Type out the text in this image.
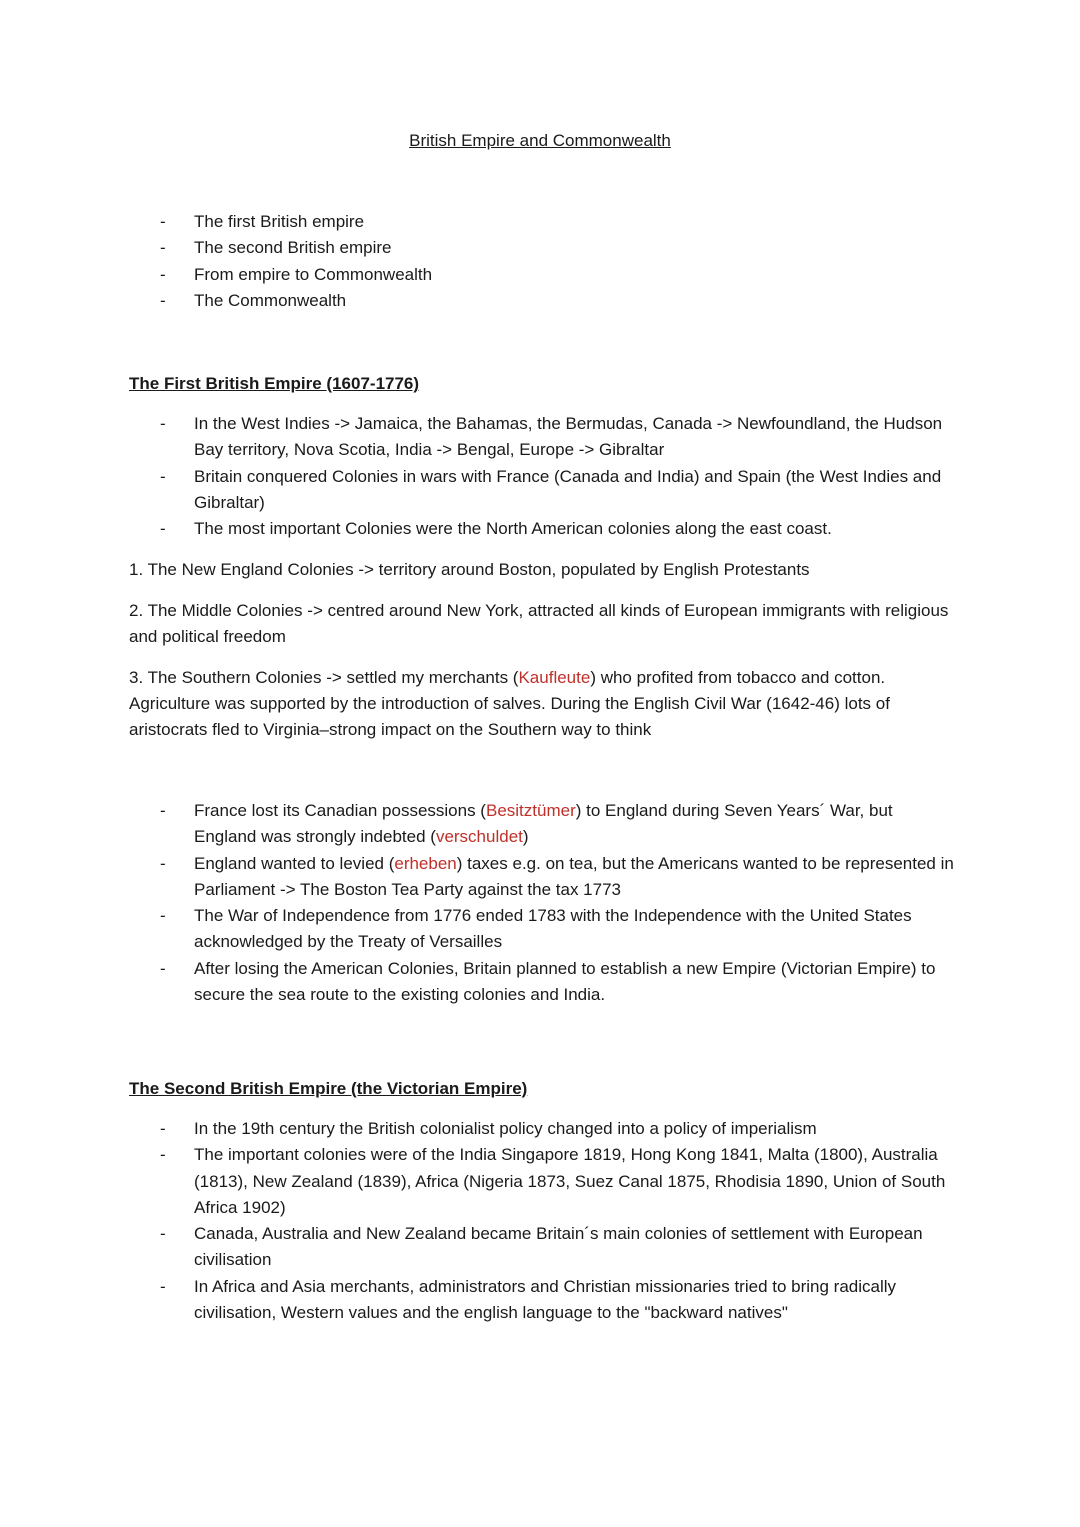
British Empire and Commonwealth
- The first British empire
- The second British empire
- From empire to Commonwealth
- The Commonwealth
The First British Empire (1607-1776)
- In the West Indies -> Jamaica, the Bahamas, the Bermudas, Canada -> Newfoundland, the Hudson Bay territory, Nova Scotia, India -> Bengal, Europe -> Gibraltar
- Britain conquered Colonies in wars with France (Canada and India) and Spain (the West Indies and Gibraltar)
- The most important Colonies were the North American colonies along the east coast.

1. The New England Colonies -> territory around Boston, populated by English Protestants

2. The Middle Colonies -> centred around New York, attracted all kinds of European immigrants with religious and political freedom

3. The Southern Colonies -> settled my merchants (Kaufleute) who profited from tobacco and cotton. Agriculture was supported by the introduction of salves. During the English Civil War (1642-46) lots of aristocrats fled to Virginia–strong impact on the Southern way to think

- France lost its Canadian possessions (Besitztümer) to England during Seven Years´ War, but England was strongly indebted (verschuldet)
- England wanted to levied (erheben) taxes e.g. on tea, but the Americans wanted to be represented in Parliament -> The Boston Tea Party against the tax 1773
- The War of Independence from 1776 ended 1783 with the Independence with the United States acknowledged by the Treaty of Versailles
- After losing the American Colonies, Britain planned to establish a new Empire (Victorian Empire) to secure the sea route to the existing colonies and India.
The Second British Empire (the Victorian Empire)
- In the 19th century the British colonialist policy changed into a policy of imperialism
- The important colonies were of the India Singapore 1819, Hong Kong 1841, Malta (1800), Australia (1813), New Zealand (1839), Africa (Nigeria 1873, Suez Canal 1875, Rhodisia 1890, Union of South Africa 1902)
- Canada, Australia and New Zealand became Britain´s main colonies of settlement with European civilisation
- In Africa and Asia merchants, administrators and Christian missionaries tried to bring radically civilisation, Western values and the english language to the "backward natives"
